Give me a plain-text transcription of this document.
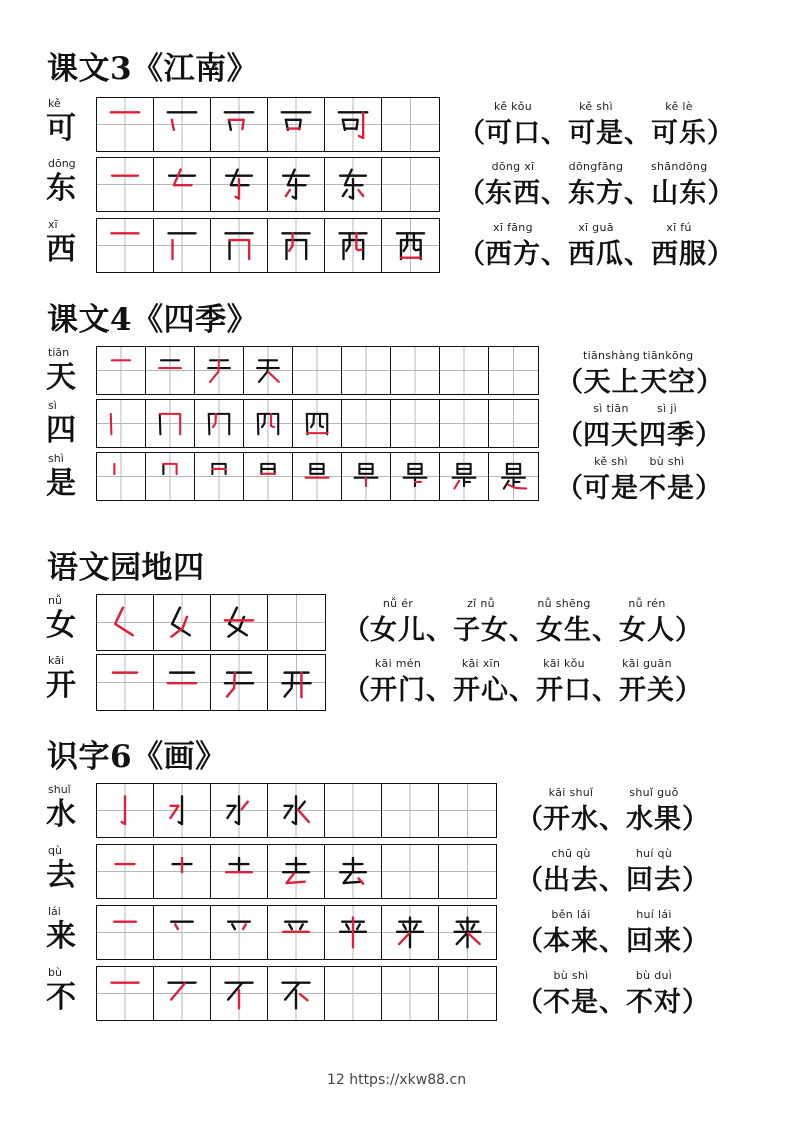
课文3《江南》
课文4《四季》
语文园地四
识字6《画》
kě
可	（
kě kǒu
可口 、
kě shì
可是 、
kě lè
可乐 ）
dōng
东	（
dōng xī
东西 、
dōngfāng
东方 、
shāndōng
山东 ）
xī
西	（
xī fāng
西方 、
xī guā
西瓜 、
xī fú
西服 ）
tiān
天	（
tiānshàng
天上
tiānkōng
天空 ）
sì
四	（
sì tiān
四天
sì jì
四季 ）
shì
是	（
kě shì
可是
bù shì
不是 ）
nǚ
女	（
nǚ ér
女儿 、
zǐ nǚ
子女 、
nǚ shēng
女生 、
nǚ rén
女人 ）
kāi
开	（
kāi mén
开门 、
kāi xīn
开心 、
kāi kǒu
开口 、
kāi guān
开关 ）
shuǐ
水	（
kāi shuǐ
开水 、
shuǐ guǒ
水果 ）
qù
去	（
chū qù
出去 、
huí qù
回去 ）
lái
来	（
běn lái
本来 、
huí lái
回来 ）
bù
不	（
bù shì
不是 、
bù duì
不对 ）
12 https://xkw88.cn
